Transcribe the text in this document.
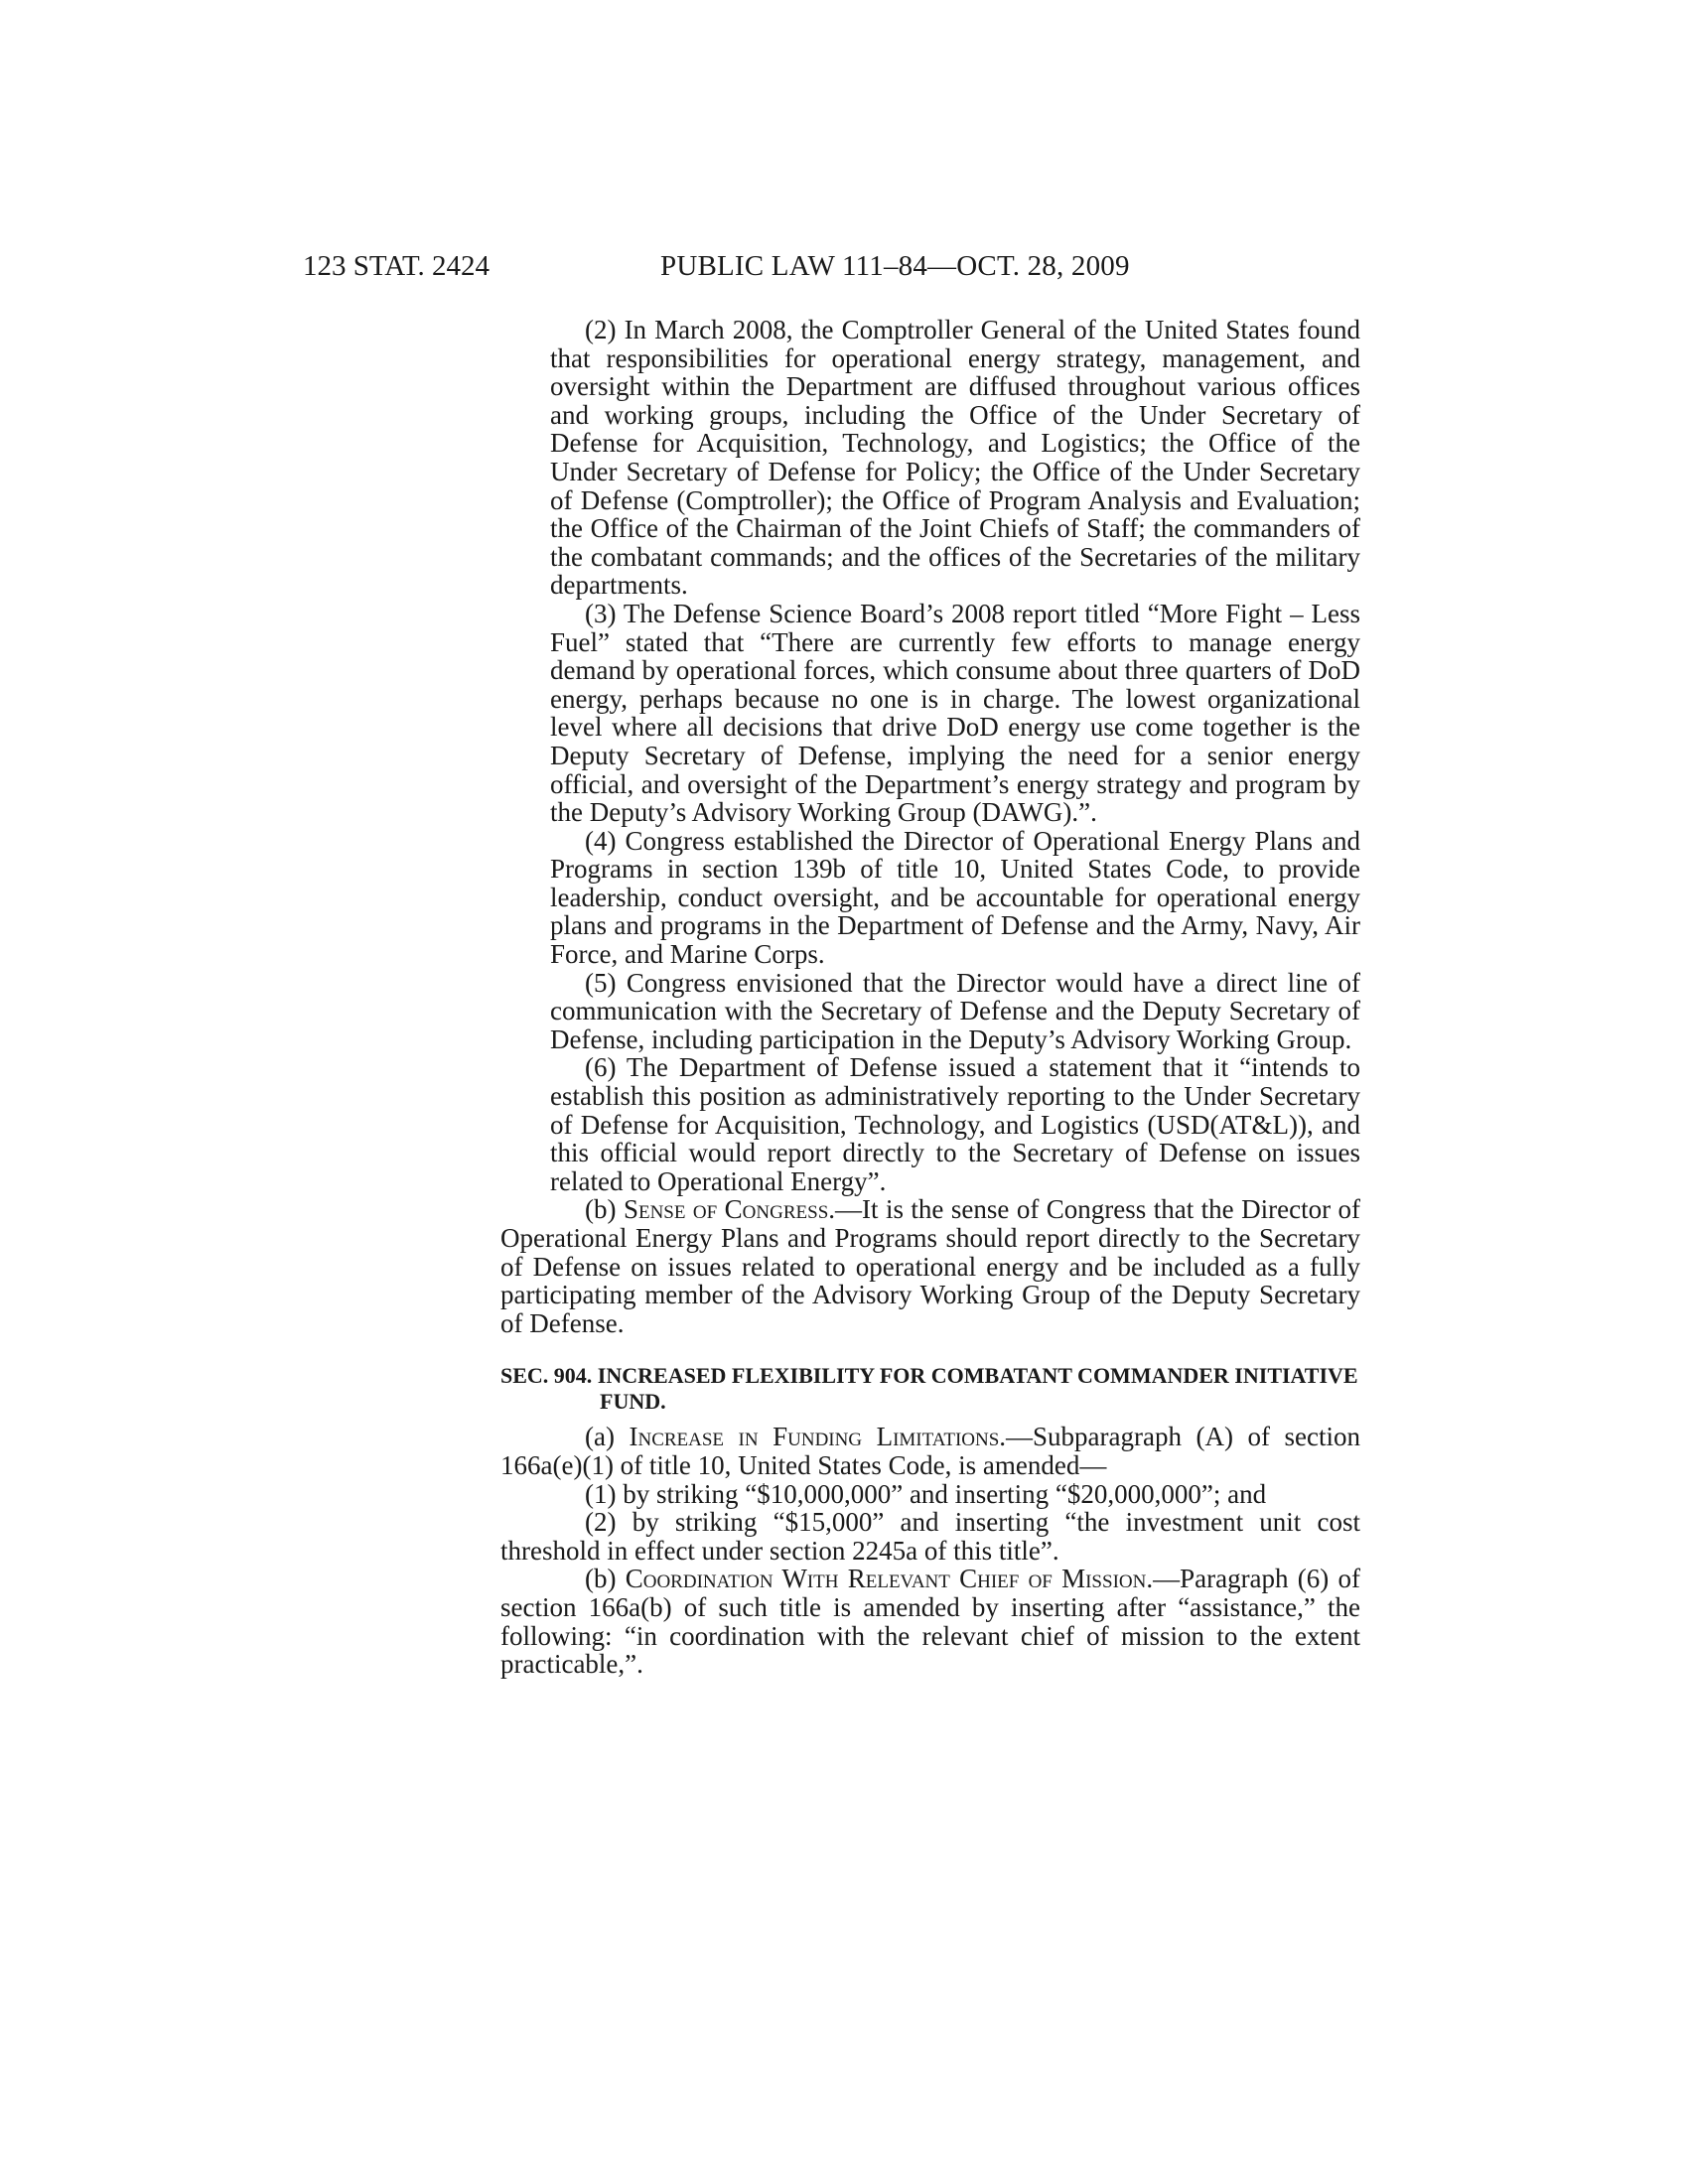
123 STAT. 2424	PUBLIC LAW 111–84—OCT. 28, 2009

(2) In March 2008, the Comptroller General of the United States found that responsibilities for operational energy strategy, management, and oversight within the Department are diffused throughout various offices and working groups, including the Office of the Under Secretary of Defense for Acquisition, Technology, and Logistics; the Office of the Under Secretary of Defense for Policy; the Office of the Under Secretary of Defense (Comptroller); the Office of Program Analysis and Evaluation; the Office of the Chairman of the Joint Chiefs of Staff; the commanders of the combatant commands; and the offices of the Secretaries of the military departments.

(3) The Defense Science Board’s 2008 report titled “More Fight – Less Fuel” stated that “There are currently few efforts to manage energy demand by operational forces, which consume about three quarters of DoD energy, perhaps because no one is in charge. The lowest organizational level where all decisions that drive DoD energy use come together is the Deputy Secretary of Defense, implying the need for a senior energy official, and oversight of the Department’s energy strategy and program by the Deputy’s Advisory Working Group (DAWG).”.

(4) Congress established the Director of Operational Energy Plans and Programs in section 139b of title 10, United States Code, to provide leadership, conduct oversight, and be accountable for operational energy plans and programs in the Department of Defense and the Army, Navy, Air Force, and Marine Corps.

(5) Congress envisioned that the Director would have a direct line of communication with the Secretary of Defense and the Deputy Secretary of Defense, including participation in the Deputy’s Advisory Working Group.

(6) The Department of Defense issued a statement that it “intends to establish this position as administratively reporting to the Under Secretary of Defense for Acquisition, Technology, and Logistics (USD(AT&L)), and this official would report directly to the Secretary of Defense on issues related to Operational Energy”.

(b) Sense of Congress.—It is the sense of Congress that the Director of Operational Energy Plans and Programs should report directly to the Secretary of Defense on issues related to operational energy and be included as a fully participating member of the Advisory Working Group of the Deputy Secretary of Defense.

SEC. 904. INCREASED FLEXIBILITY FOR COMBATANT COMMANDER INITIATIVE FUND.

(a) Increase in Funding Limitations.—Subparagraph (A) of section 166a(e)(1) of title 10, United States Code, is amended—

(1) by striking “$10,000,000” and inserting “$20,000,000”; and

(2) by striking “$15,000” and inserting “the investment unit cost threshold in effect under section 2245a of this title”.

(b) Coordination With Relevant Chief of Mission.—Paragraph (6) of section 166a(b) of such title is amended by inserting after “assistance,” the following: “in coordination with the relevant chief of mission to the extent practicable,”.
